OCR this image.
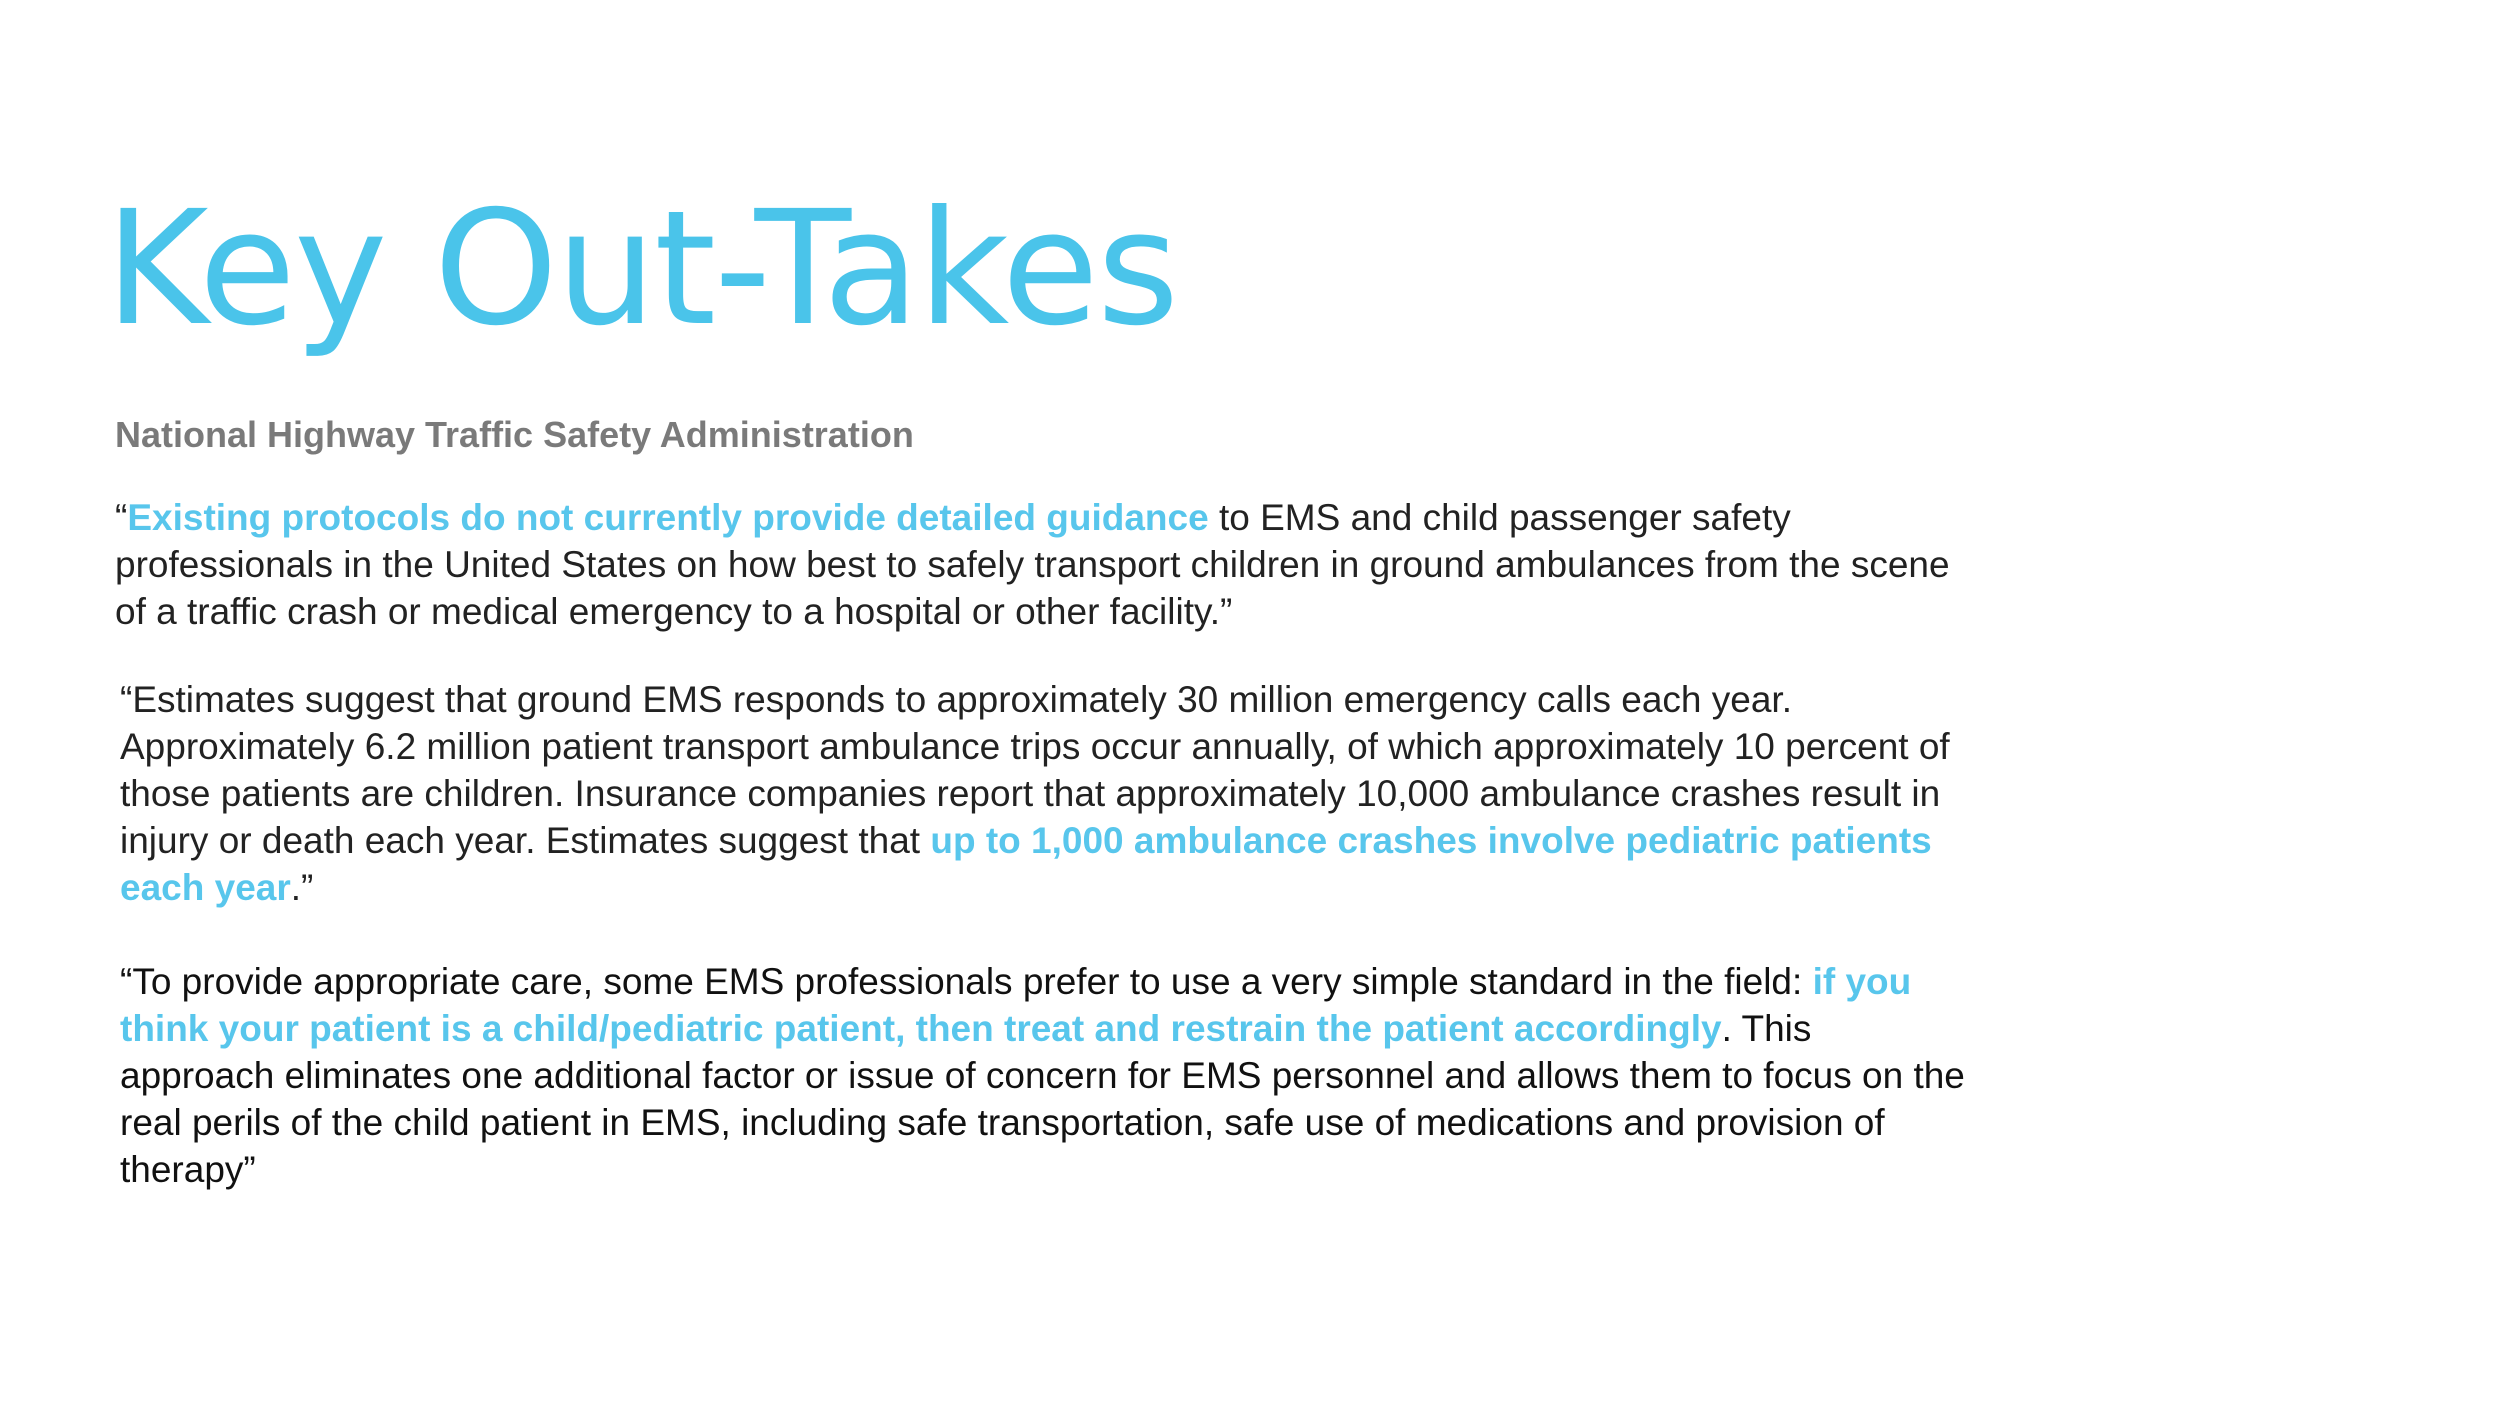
Key Out-Takes
National Highway Traffic Safety Administration

“Existing protocols do not currently provide detailed guidance to EMS and child passenger safety professionals in the United States on how best to safely transport children in ground ambulances from the scene of a traffic crash or medical emergency to a hospital or other facility.”

“Estimates suggest that ground EMS responds to approximately 30 million emergency calls each year. Approximately 6.2 million patient transport ambulance trips occur annually, of which approximately 10 percent of those patients are children. Insurance companies report that approximately 10,000 ambulance crashes result in injury or death each year. Estimates suggest that up to 1,000 ambulance crashes involve pediatric patients each year.”

“To provide appropriate care, some EMS professionals prefer to use a very simple standard in the field: if you think your patient is a child/pediatric patient, then treat and restrain the patient accordingly. This approach eliminates one additional factor or issue of concern for EMS personnel and allows them to focus on the real perils of the child patient in EMS, including safe transportation, safe use of medications and provision of therapy”
